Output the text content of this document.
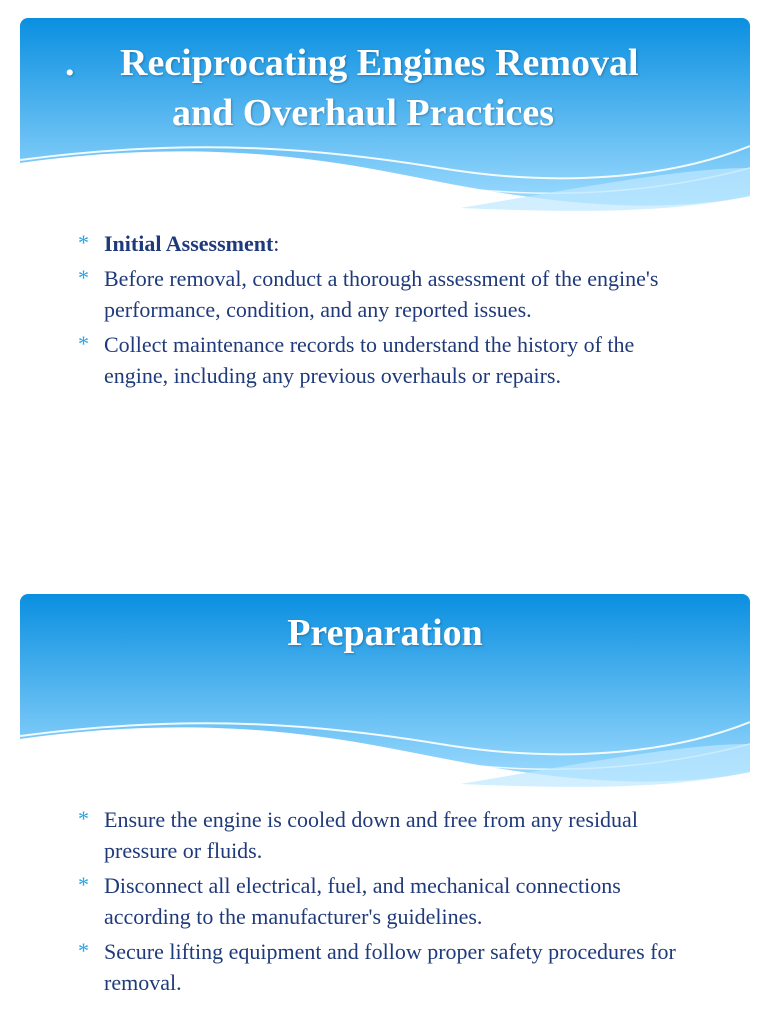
.	Reciprocating Engines Removal
and Overhaul Practices
* Initial Assessment:
* Before removal, conduct a thorough assessment of the engine's performance, condition, and any reported issues.
* Collect maintenance records to understand the history of the engine, including any previous overhauls or repairs.
Preparation
* Ensure the engine is cooled down and free from any residual pressure or fluids.
* Disconnect all electrical, fuel, and mechanical connections according to the manufacturer's guidelines.
* Secure lifting equipment and follow proper safety procedures for removal.
